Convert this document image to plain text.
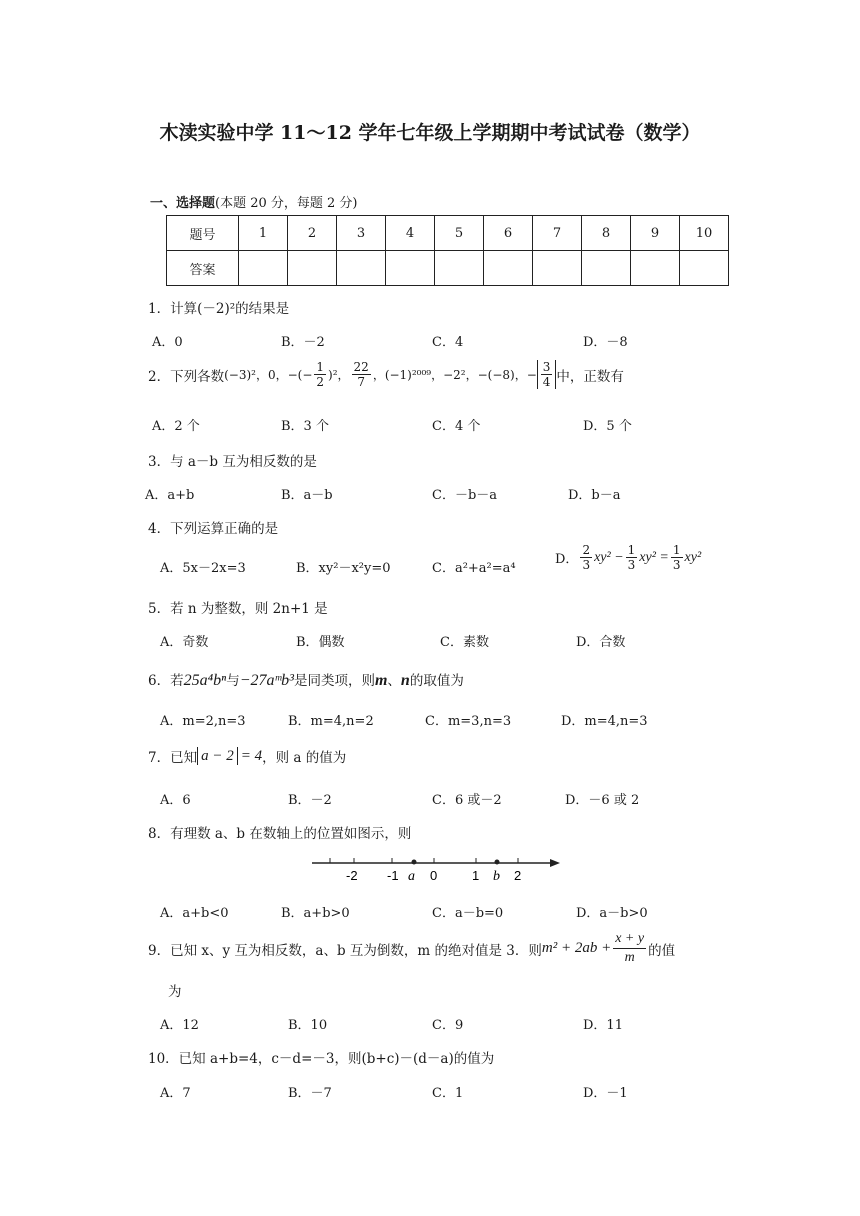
木渎实验中学 11～12 学年七年级上学期期中考试试卷（数学）
一、选择题(本题 20 分，每题 2 分)
题号	1	2	3	4	5	6	7	8	9	10
答案										
1．计算(－2)²的结果是
A．0	B．－2	C．4	D．－8
2．下列各数 (−3)²，0，−(− $\frac{1}{2} )^2$， $\frac{22}{7}$ ，(−1)²⁰⁰⁹，−2²，−(−8)，− $\frac{3}{4}$ 中，正数有
A．2 个	B．3 个	C．4 个	D．5 个
3．与 a－b 互为相反数的是
A．a+b	B．a－b	C．－b－a	D．b－a
4．下列运算正确的是
A．5x－2x=3	B．xy²－x²y=0	C．a²+a²=a⁴
D． $\frac{2}{3} xy^2 - \frac{1}{3} xy^2 = \frac{1}{3} xy^2$
5．若 n 为整数，则 2n+1 是
A．奇数	B．偶数	C．素数	D．合数
6．若25a⁴bⁿ与−27aᵐb³是同类项，则m、n的取值为
A．m=2,n=3	B．m=4,n=2	C．m=3,n=3	D．m=4,n=3
7．已知 a − 2 = 4 ，则 a 的值为
A．6	B．－2	C．6 或－2	D．－6 或 2
8．有理数 a、b 在数轴上的位置如图示，则
-2 -1 a 0	1 b 2
A．a+b<0	B．a+b>0	C．a－b=0	D．a－b>0
9．已知 x、y 互为相反数，a、b 互为倒数，m 的绝对值是 3．则 $m^2 + 2ab + \frac{x + y}{m}$ 的值
为
A．12	B．10	C．9	D．11
10．已知 a+b=4，c－d=－3，则(b+c)－(d－a)的值为
A．7	B．－7	C．1	D．－1
